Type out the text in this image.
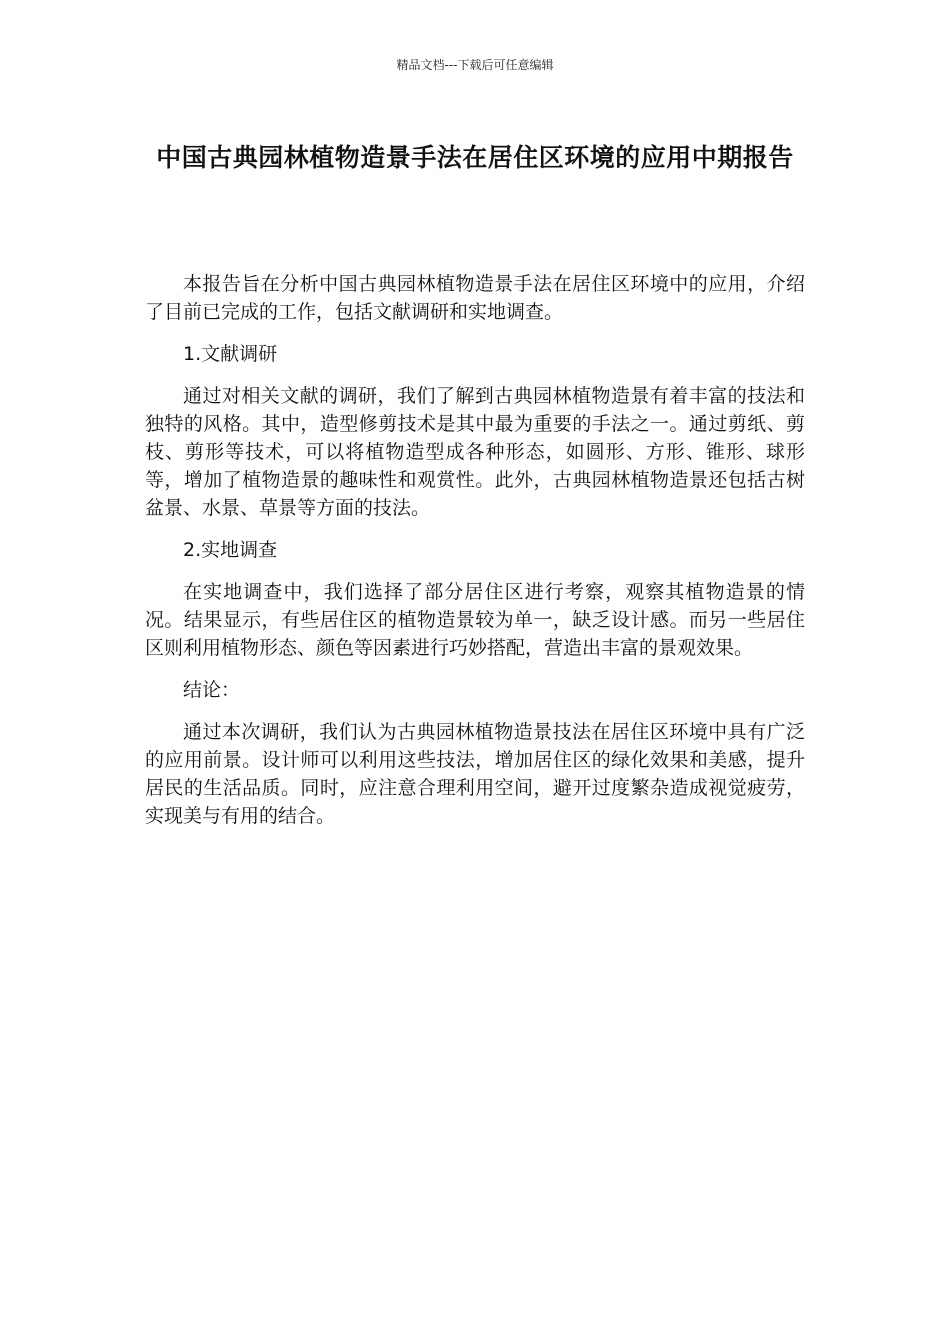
精品文档---下载后可任意编辑
中国古典园林植物造景手法在居住区环境的应用中期报告

本报告旨在分析中国古典园林植物造景手法在居住区环境中的应用，介绍了目前已完成的工作，包括文献调研和实地调查。

1.文献调研

通过对相关文献的调研，我们了解到古典园林植物造景有着丰富的技法和独特的风格。其中，造型修剪技术是其中最为重要的手法之一。通过剪纸、剪枝、剪形等技术，可以将植物造型成各种形态，如圆形、方形、锥形、球形等，增加了植物造景的趣味性和观赏性。此外，古典园林植物造景还包括古树盆景、水景、草景等方面的技法。

2.实地调查

在实地调查中，我们选择了部分居住区进行考察，观察其植物造景的情况。结果显示，有些居住区的植物造景较为单一，缺乏设计感。而另一些居住区则利用植物形态、颜色等因素进行巧妙搭配，营造出丰富的景观效果。

结论：

通过本次调研，我们认为古典园林植物造景技法在居住区环境中具有广泛的应用前景。设计师可以利用这些技法，增加居住区的绿化效果和美感，提升居民的生活品质。同时，应注意合理利用空间，避开过度繁杂造成视觉疲劳，实现美与有用的结合。
